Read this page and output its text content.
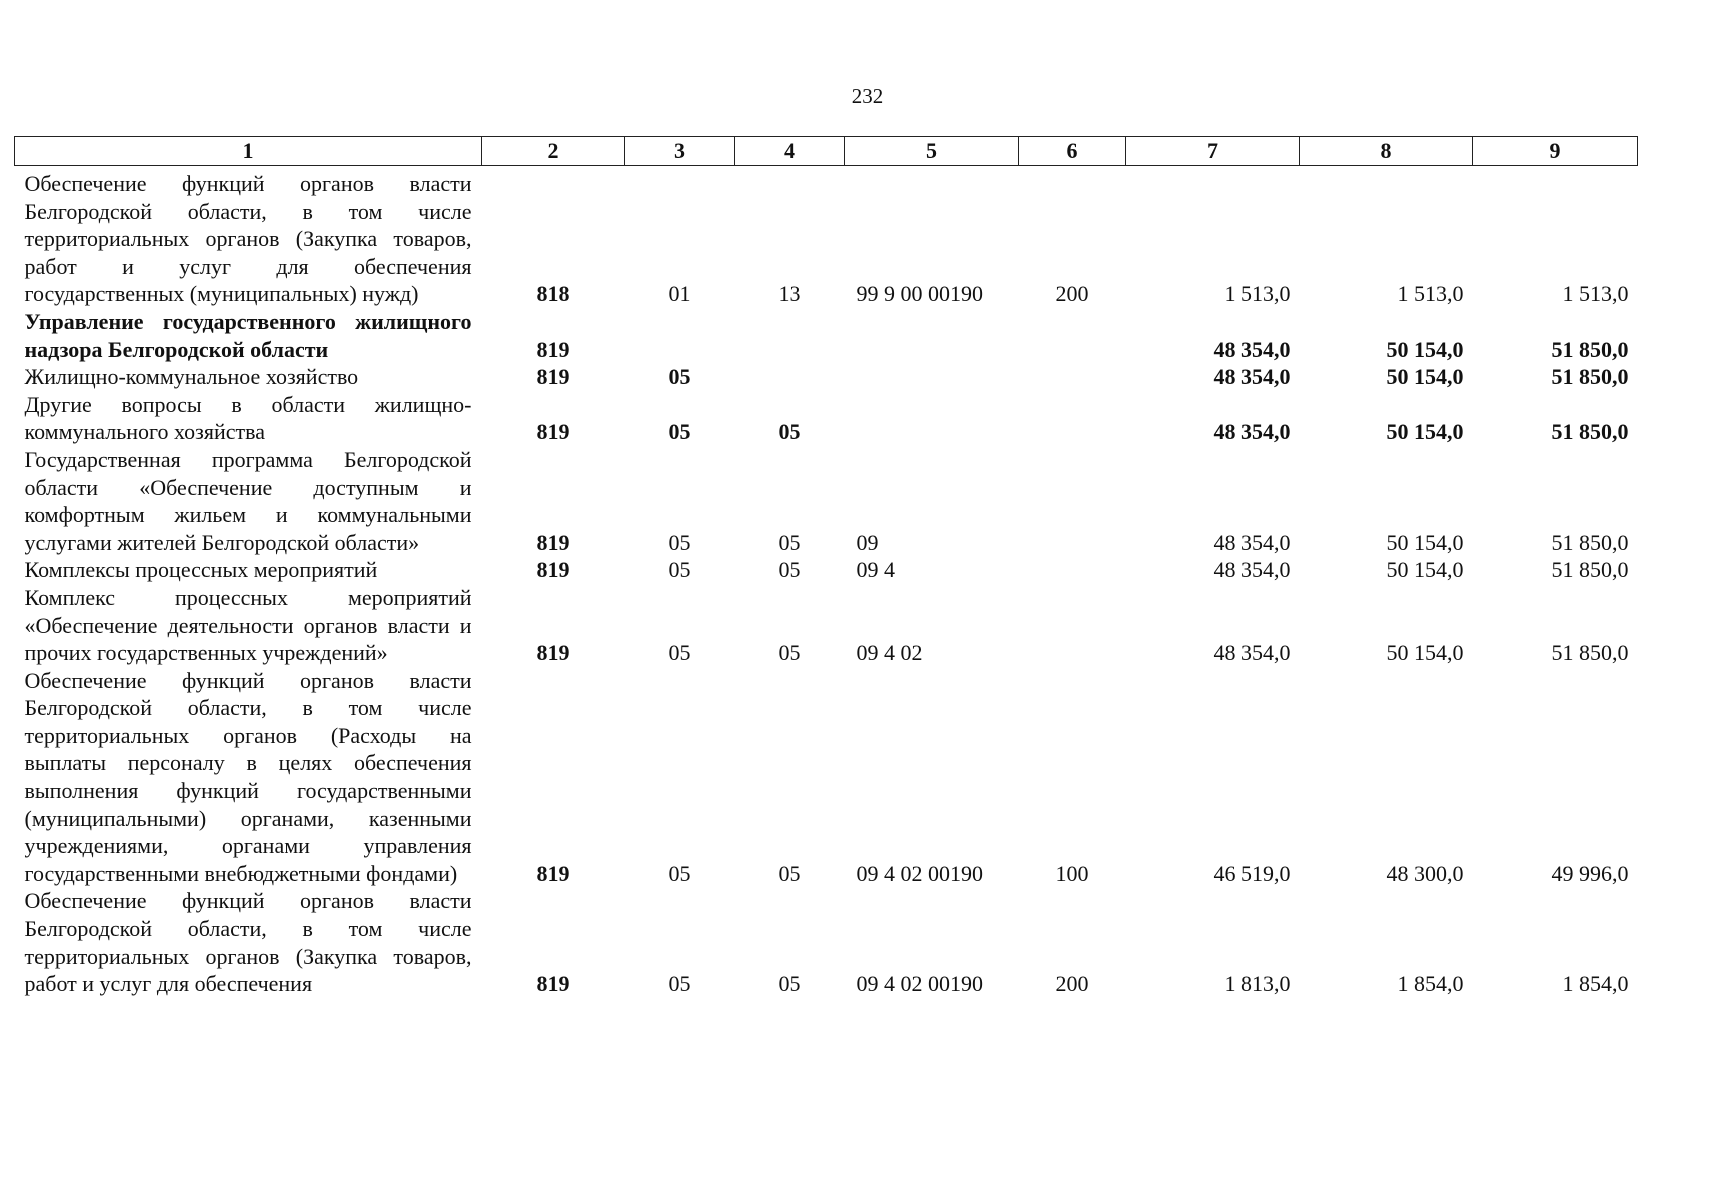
232
1	2	3	4	5	6	7	8	9
Обеспечение функций органов власти Белгородской области, в том числе территориальных органов (Закупка товаров, работ и услуг для обеспечения государственных (муниципальных) нужд)	818	01	13	99 9 00 00190	200	1 513,0	1 513,0	1 513,0
Управление государственного жилищного надзора Белгородской области	819					48 354,0	50 154,0	51 850,0
Жилищно-коммунальное хозяйство	819	05				48 354,0	50 154,0	51 850,0
Другие вопросы в области жилищно-коммунального хозяйства	819	05	05			48 354,0	50 154,0	51 850,0
Государственная программа Белгородской области «Обеспечение доступным и комфортным жильем и коммунальными услугами жителей Белгородской области»	819	05	05	09		48 354,0	50 154,0	51 850,0
Комплексы процессных мероприятий	819	05	05	09 4		48 354,0	50 154,0	51 850,0
Комплекс процессных мероприятий «Обеспечение деятельности органов власти и прочих государственных учреждений»	819	05	05	09 4 02		48 354,0	50 154,0	51 850,0
Обеспечение функций органов власти Белгородской области, в том числе территориальных органов (Расходы на выплаты персоналу в целях обеспечения выполнения функций государственными (муниципальными) органами, казенными учреждениями, органами управления государственными внебюджетными фондами)	819	05	05	09 4 02 00190	100	46 519,0	48 300,0	49 996,0
Обеспечение функций органов власти Белгородской области, в том числе территориальных органов (Закупка товаров, работ и услуг для обеспечения	819	05	05	09 4 02 00190	200	1 813,0	1 854,0	1 854,0
